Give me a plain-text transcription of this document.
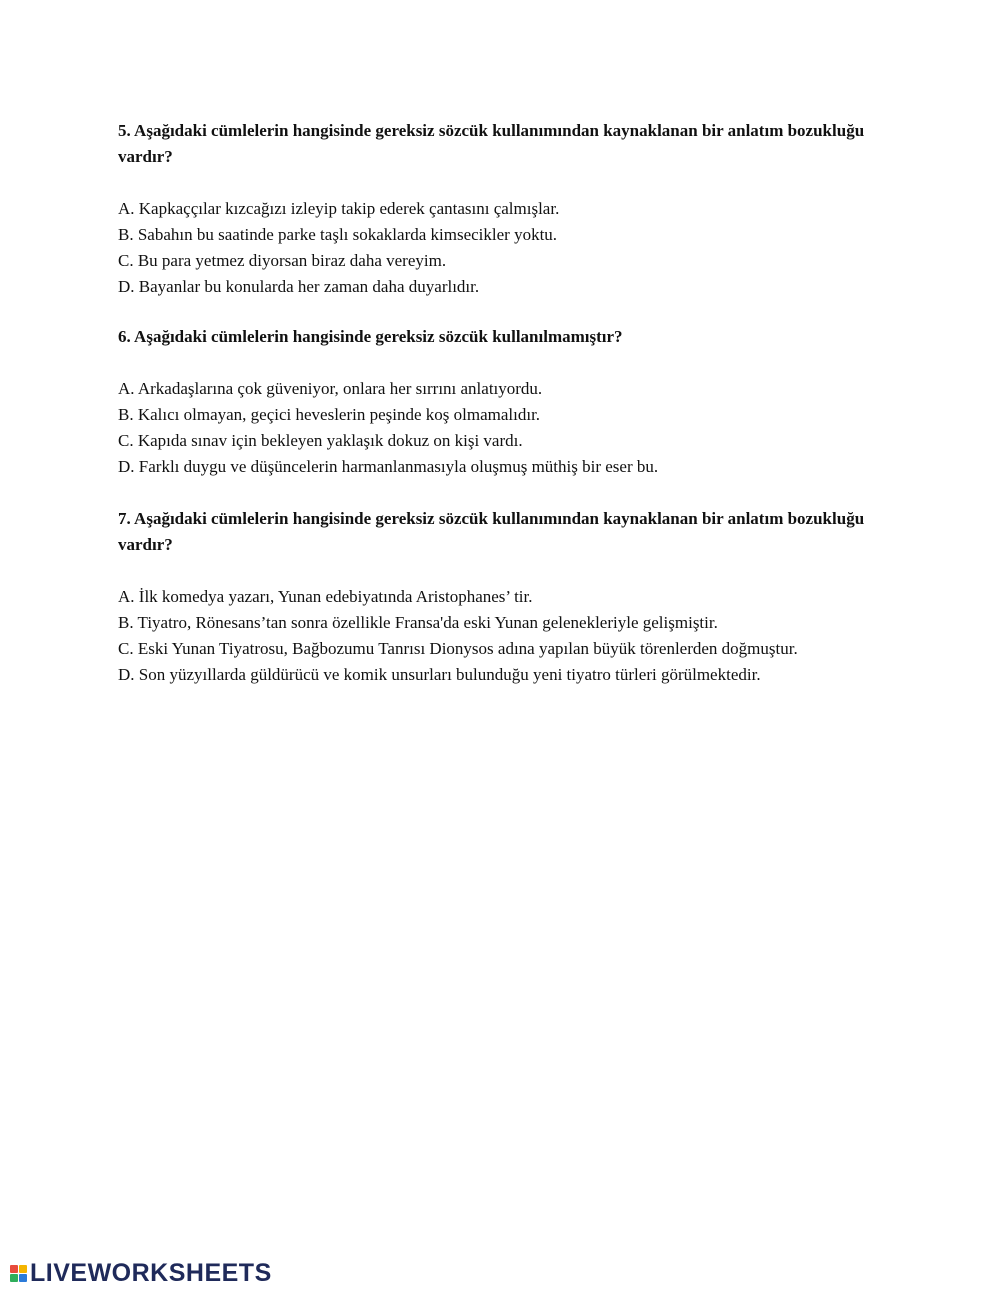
5. Aşağıdaki cümlelerin hangisinde gereksiz sözcük kullanımından kaynaklanan bir anlatım bozukluğu vardır?

A. Kapkaççılar kızcağızı izleyip takip ederek çantasını çalmışlar.
B. Sabahın bu saatinde parke taşlı sokaklarda kimsecikler yoktu.
C. Bu para yetmez diyorsan biraz daha vereyim.
D. Bayanlar bu konularda her zaman daha duyarlıdır.

6. Aşağıdaki cümlelerin hangisinde gereksiz sözcük kullanılmamıştır?

A. Arkadaşlarına çok güveniyor, onlara her sırrını anlatıyordu.
B. Kalıcı olmayan, geçici heveslerin peşinde koş olmamalıdır.
C. Kapıda sınav için bekleyen yaklaşık dokuz on kişi vardı.
D. Farklı duygu ve düşüncelerin harmanlanmasıyla oluşmuş müthiş bir eser bu.

7. Aşağıdaki cümlelerin hangisinde gereksiz sözcük kullanımından kaynaklanan bir anlatım bozukluğu vardır?

A. İlk komedya yazarı, Yunan edebiyatında Aristophanes’ tir.
B. Tiyatro, Rönesans’tan sonra özellikle Fransa'da eski Yunan gelenekleriyle gelişmiştir.
C. Eski Yunan Tiyatrosu, Bağbozumu Tanrısı Dionysos adına yapılan büyük törenlerden doğmuştur.
D. Son yüzyıllarda güldürücü ve komik unsurları bulunduğu yeni tiyatro türleri görülmektedir.
LIVEWORKSHEETS
